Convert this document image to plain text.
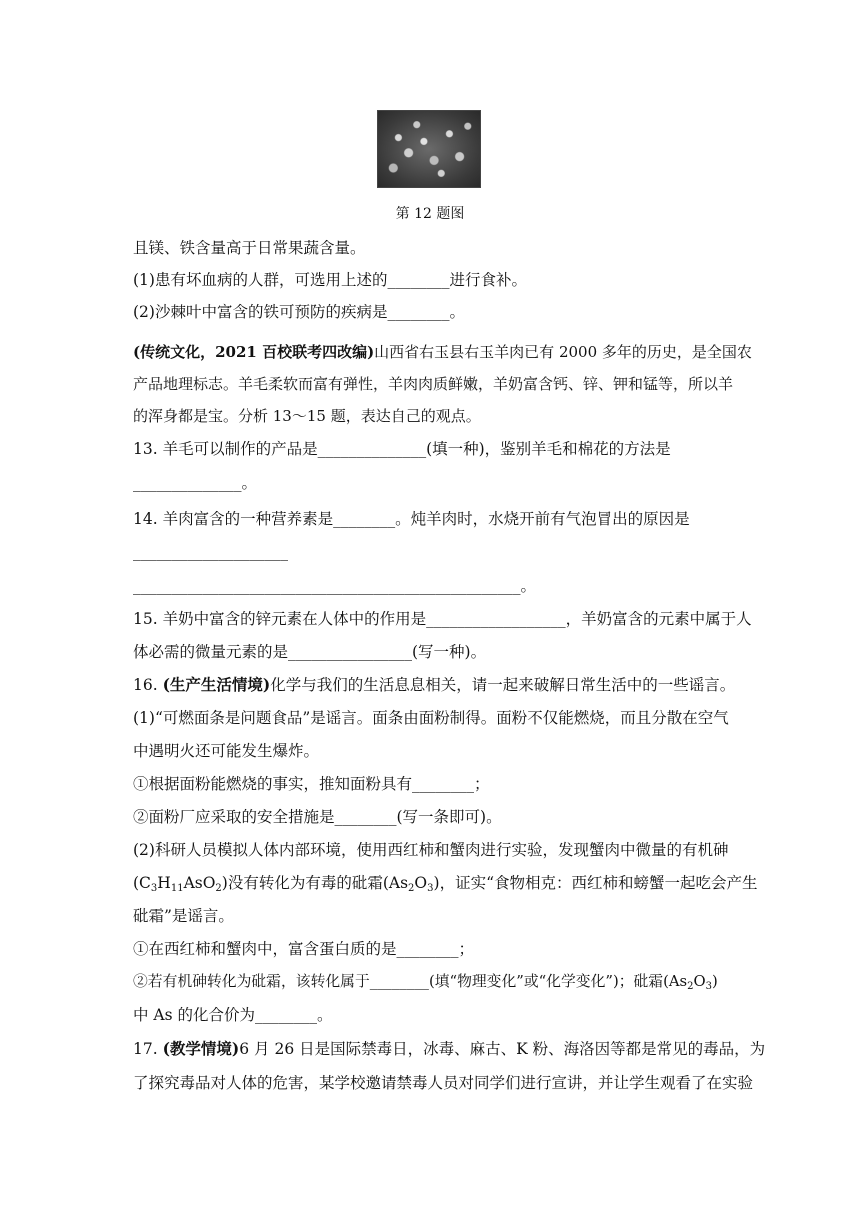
第 12 题图
且镁、铁含量高于日常果蔬含量。
(1)患有坏血病的人群，可选用上述的________进行食补。
(2)沙棘叶中富含的铁可预防的疾病是________。
(传统文化，2021 百校联考四改编)山西省右玉县右玉羊肉已有 2000 多年的历史，是全国农
产品地理标志。羊毛柔软而富有弹性，羊肉肉质鲜嫩，羊奶富含钙、锌、钾和锰等，所以羊
的浑身都是宝。分析 13～15 题，表达自己的观点。
13. 羊毛可以制作的产品是______________(填一种)，鉴别羊毛和棉花的方法是
______________。
14. 羊肉富含的一种营养素是________。炖羊肉时，水烧开前有气泡冒出的原因是
____________________
__________________________________________________。
15. 羊奶中富含的锌元素在人体中的作用是__________________，羊奶富含的元素中属于人
体必需的微量元素的是________________(写一种)。
16. (生产生活情境)化学与我们的生活息息相关，请一起来破解日常生活中的一些谣言。
(1)“可燃面条是问题食品”是谣言。面条由面粉制得。面粉不仅能燃烧，而且分散在空气
中遇明火还可能发生爆炸。
①根据面粉能燃烧的事实，推知面粉具有________；
②面粉厂应采取的安全措施是________(写一条即可)。
(2)科研人员模拟人体内部环境，使用西红柿和蟹肉进行实验，发现蟹肉中微量的有机砷
$(C_3H_{11}AsO_2)$没有转化为有毒的砒霜$(As_2O_3)$，证实“食物相克：西红柿和螃蟹一起吃会产生
砒霜”是谣言。
①在西红柿和蟹肉中，富含蛋白质的是________；
②若有机砷转化为砒霜，该转化属于________(填“物理变化”或“化学变化”)；砒霜$(As_2O_3)$
中 As 的化合价为________。
17. (教学情境)6 月 26 日是国际禁毒日，冰毒、麻古、K 粉、海洛因等都是常见的毒品，为
了探究毒品对人体的危害，某学校邀请禁毒人员对同学们进行宣讲，并让学生观看了在实验
